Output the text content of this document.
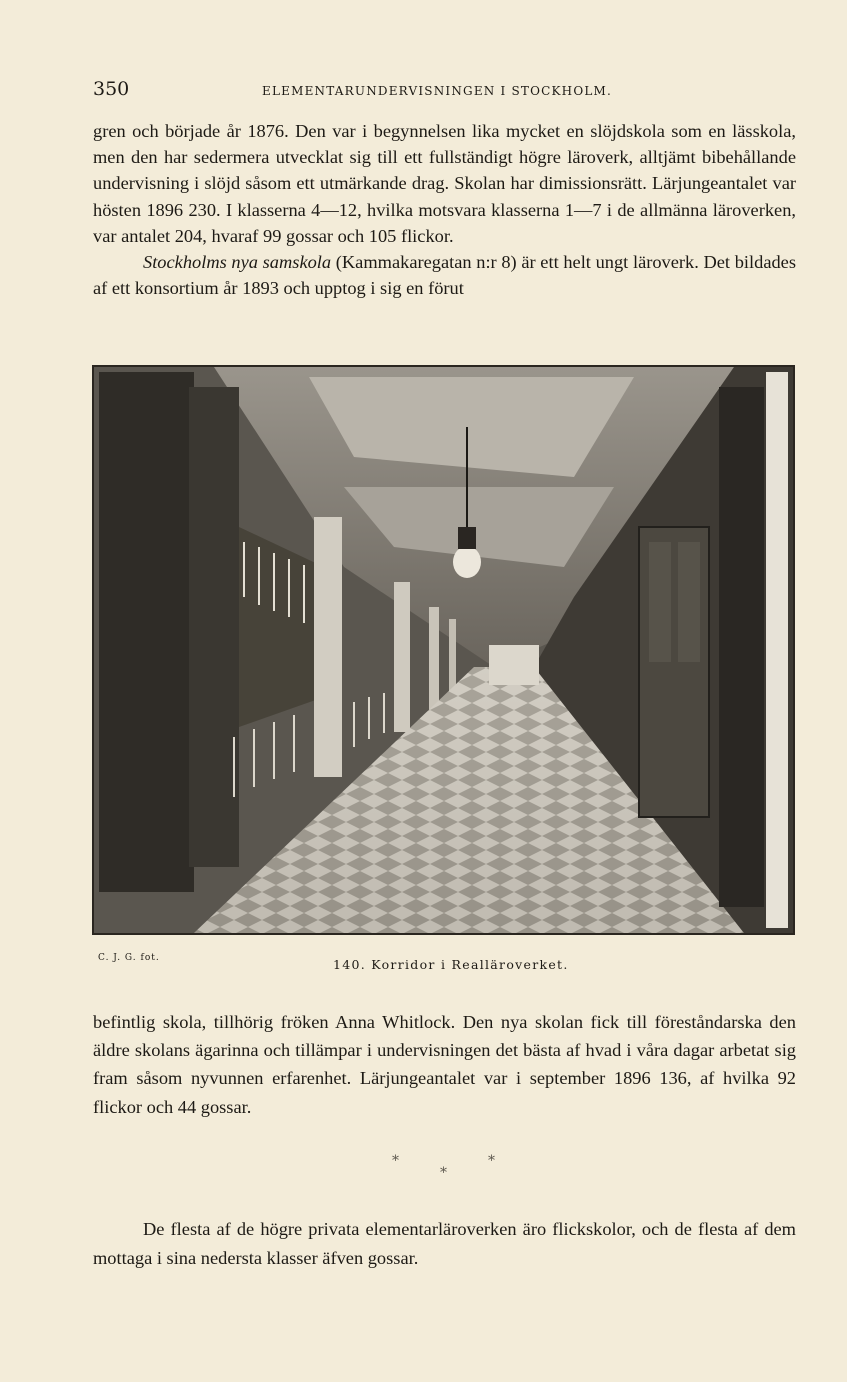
350	ELEMENTARUNDERVISNINGEN I STOCKHOLM.

gren och började år 1876. Den var i begynnelsen lika mycket en slöjdskola som en lässkola, men den har sedermera utvecklat sig till ett fullständigt högre läroverk, alltjämt bibehållande undervisning i slöjd såsom ett utmärkande drag. Skolan har dimissionsrätt. Lärjungeantalet var hösten 1896 230. I klasserna 4—12, hvilka motsvara klasserna 1—7 i de allmänna läroverken, var antalet 204, hvaraf 99 gossar och 105 flickor.
Stockholms nya samskola (Kammakaregatan n:r 8) är ett helt ungt läroverk. Det bildades af ett konsortium år 1893 och upptog i sig en förut

C. J. G. fot.	140. Korridor i Realläroverket.

befintlig skola, tillhörig fröken Anna Whitlock. Den nya skolan fick till föreståndarska den äldre skolans ägarinna och tillämpar i undervisningen det bästa af hvad i våra dagar arbetat sig fram såsom nyvunnen erfarenhet. Lärjungeantalet var i september 1896 136, af hvilka 92 flickor och 44 gossar.

*	*
*

De flesta af de högre privata elementarläroverken äro flickskolor, och de flesta af dem mottaga i sina nedersta klasser äfven gossar.
